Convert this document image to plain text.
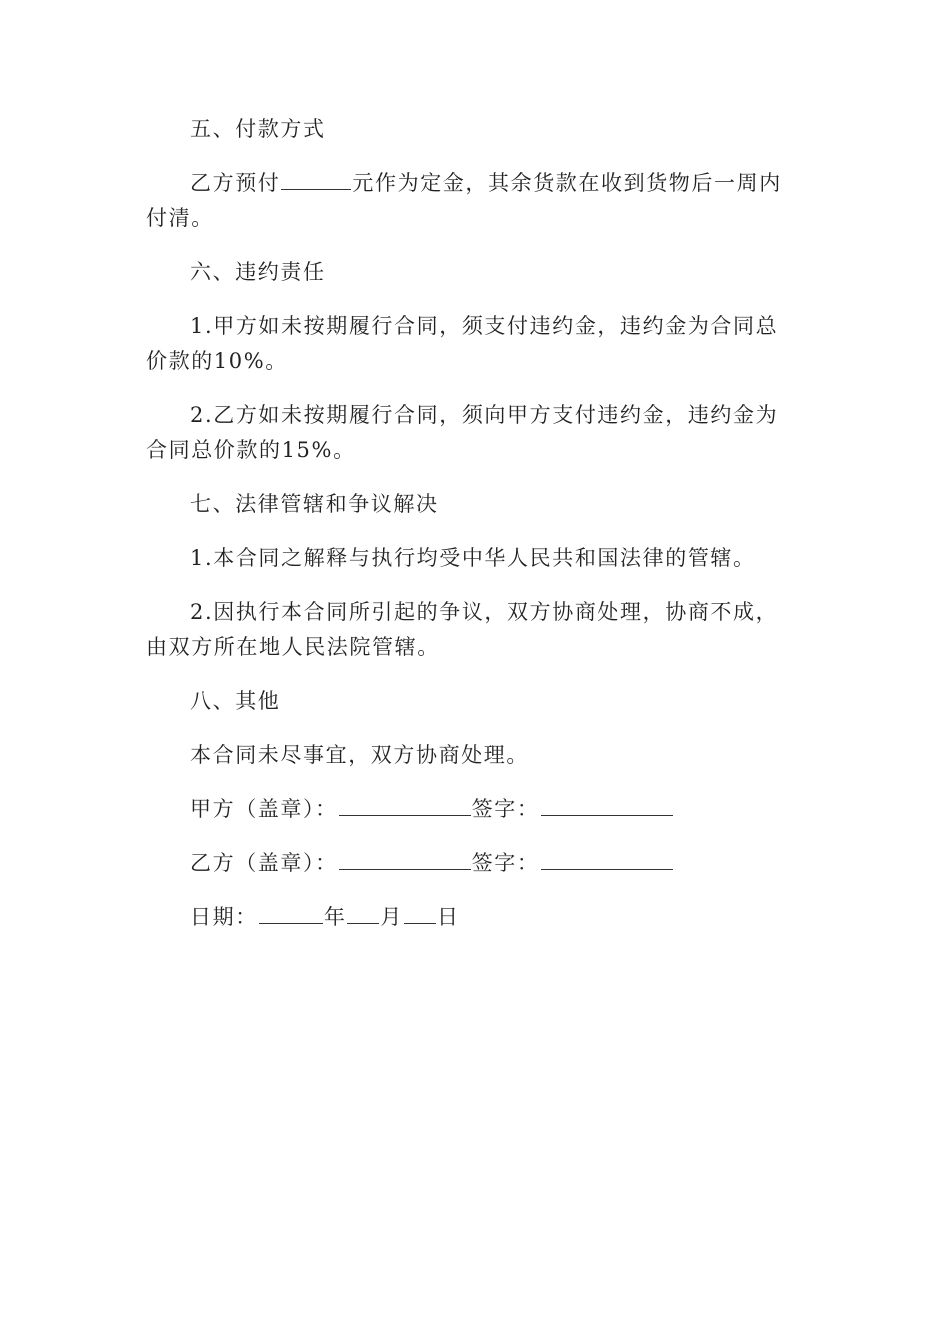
五、付款方式

乙方预付	元作为定金，其余货款在收到货物后一周内付清。

六、违约责任

1.甲方如未按期履行合同，须支付违约金，违约金为合同总价款的10%。

2.乙方如未按期履行合同，须向甲方支付违约金，违约金为合同总价款的15%。

七、法律管辖和争议解决

1.本合同之解释与执行均受中华人民共和国法律的管辖。

2.因执行本合同所引起的争议，双方协商处理，协商不成，由双方所在地人民法院管辖。

八、其他

本合同未尽事宜，双方协商处理。

甲方（盖章）：	签字：
乙方（盖章）：	签字：
日期：	年 月 日
